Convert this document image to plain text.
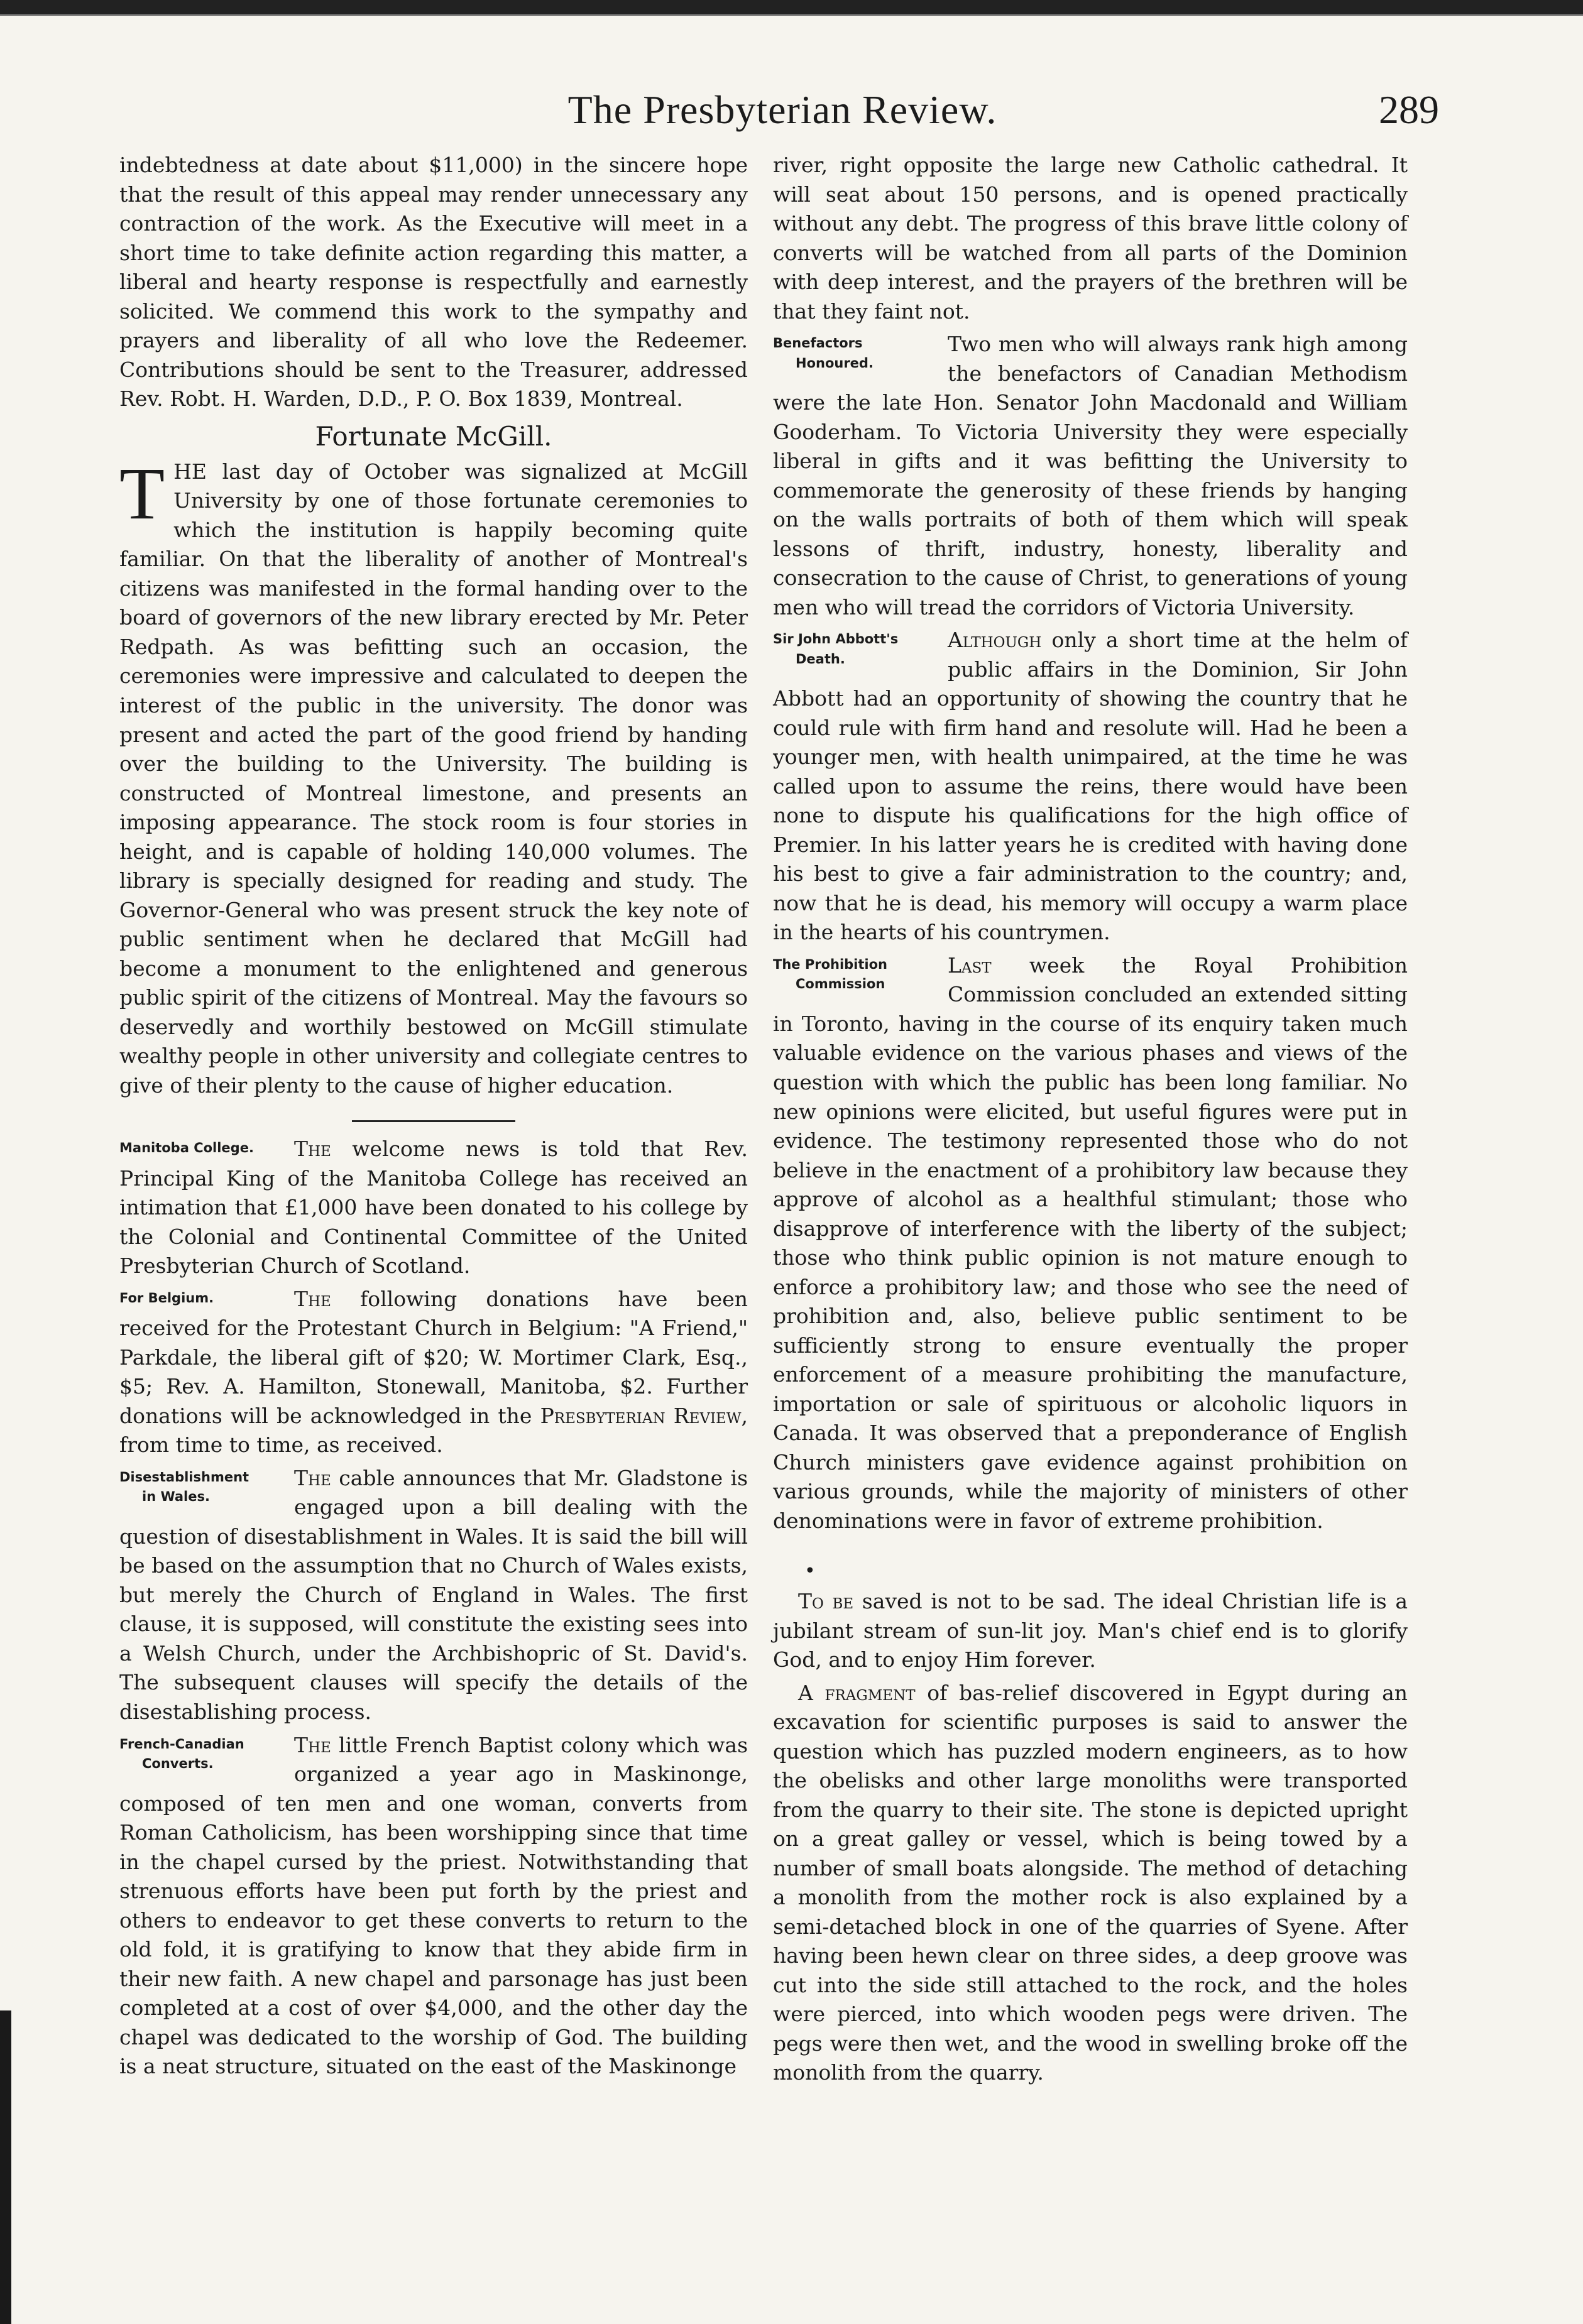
The Presbyterian Review.	289

indebtedness at date about $11,000) in the sincere hope that the result of this appeal may render unnecessary any contraction of the work. As the Executive will meet in a short time to take definite action regarding this matter, a liberal and hearty response is respectfully and earnestly solicited. We commend this work to the sympathy and prayers and liberality of all who love the Redeemer. Contributions should be sent to the Treasurer, addressed Rev. Robt. H. Warden, D.D., P. O. Box 1839, Montreal.

Fortunate McGill.

THE last day of October was signalized at McGill University by one of those fortunate ceremonies to which the institution is happily becoming quite familiar. On that the liberality of another of Montreal's citizens was manifested in the formal handing over to the board of governors of the new library erected by Mr. Peter Redpath. As was befitting such an occasion, the ceremonies were impressive and calculated to deepen the interest of the public in the university. The donor was present and acted the part of the good friend by handing over the building to the University. The building is constructed of Montreal limestone, and presents an imposing appearance. The stock room is four stories in height, and is capable of holding 140,000 volumes. The library is specially designed for reading and study. The Governor-General who was present struck the key note of public sentiment when he declared that McGill had become a monument to the enlightened and generous public spirit of the citizens of Montreal. May the favours so deservedly and worthily bestowed on McGill stimulate wealthy people in other university and collegiate centres to give of their plenty to the cause of higher education.

Manitoba College.	The welcome news is told that Rev. Principal King of the Manitoba College has received an intimation that £1,000 have been donated to his college by the Colonial and Continental Committee of the United Presbyterian Church of Scotland.

For Belgium.	The following donations have been received for the Protestant Church in Belgium: "A Friend," Parkdale, the liberal gift of $20; W. Mortimer Clark, Esq., $5; Rev. A. Hamilton, Stonewall, Manitoba, $2. Further donations will be acknowledged in the Presbyterian Review, from time to time, as received.

Disestablishment
in Wales.
The cable announces that Mr. Gladstone is engaged upon a bill dealing with the question of disestablishment in Wales. It is said the bill will be based on the assumption that no Church of Wales exists, but merely the Church of England in Wales. The first clause, it is supposed, will constitute the existing sees into a Welsh Church, under the Archbishopric of St. David's. The subsequent clauses will specify the details of the disestablishing process.

French-Canadian
Converts.
The little French Baptist colony which was organized a year ago in Maskinonge, composed of ten men and one woman, converts from Roman Catholicism, has been worshipping since that time in the chapel cursed by the priest. Notwithstanding that strenuous efforts have been put forth by the priest and others to endeavor to get these converts to return to the old fold, it is gratifying to know that they abide firm in their new faith. A new chapel and parsonage has just been completed at a cost of over $4,000, and the other day the chapel was dedicated to the worship of God. The building is a neat structure, situated on the east of the Maskinonge

river, right opposite the large new Catholic cathedral. It will seat about 150 persons, and is opened practically without any debt. The progress of this brave little colony of converts will be watched from all parts of the Dominion with deep interest, and the prayers of the brethren will be that they faint not.

Benefactors
Honoured.
Two men who will always rank high among the benefactors of Canadian Methodism were the late Hon. Senator John Macdonald and William Gooderham. To Victoria University they were especially liberal in gifts and it was befitting the University to commemorate the generosity of these friends by hanging on the walls portraits of both of them which will speak lessons of thrift, industry, honesty, liberality and consecration to the cause of Christ, to generations of young men who will tread the corridors of Victoria University.

Sir John Abbott's
Death.
Although only a short time at the helm of public affairs in the Dominion, Sir John Abbott had an opportunity of showing the country that he could rule with firm hand and resolute will. Had he been a younger men, with health unimpaired, at the time he was called upon to assume the reins, there would have been none to dispute his qualifications for the high office of Premier. In his latter years he is credited with having done his best to give a fair administration to the country; and, now that he is dead, his memory will occupy a warm place in the hearts of his countrymen.

The Prohibition
Commission
Last week the Royal Prohibition Commission concluded an extended sitting in Toronto, having in the course of its enquiry taken much valuable evidence on the various phases and views of the question with which the public has been long familiar. No new opinions were elicited, but useful figures were put in evidence. The testimony represented those who do not believe in the enactment of a prohibitory law because they approve of alcohol as a healthful stimulant; those who disapprove of interference with the liberty of the subject; those who think public opinion is not mature enough to enforce a prohibitory law; and those who see the need of prohibition and, also, believe public sentiment to be sufficiently strong to ensure eventually the proper enforcement of a measure prohibiting the manufacture, importation or sale of spirituous or alcoholic liquors in Canada. It was observed that a preponderance of English Church ministers gave evidence against prohibition on various grounds, while the majority of ministers of other denominations were in favor of extreme prohibition.

•

To be saved is not to be sad. The ideal Christian life is a jubilant stream of sun-lit joy. Man's chief end is to glorify God, and to enjoy Him forever.

A fragment of bas-relief discovered in Egypt during an excavation for scientific purposes is said to answer the question which has puzzled modern engineers, as to how the obelisks and other large monoliths were transported from the quarry to their site. The stone is depicted upright on a great galley or vessel, which is being towed by a number of small boats alongside. The method of detaching a monolith from the mother rock is also explained by a semi-detached block in one of the quarries of Syene. After having been hewn clear on three sides, a deep groove was cut into the side still attached to the rock, and the holes were pierced, into which wooden pegs were driven. The pegs were then wet, and the wood in swelling broke off the monolith from the quarry.
